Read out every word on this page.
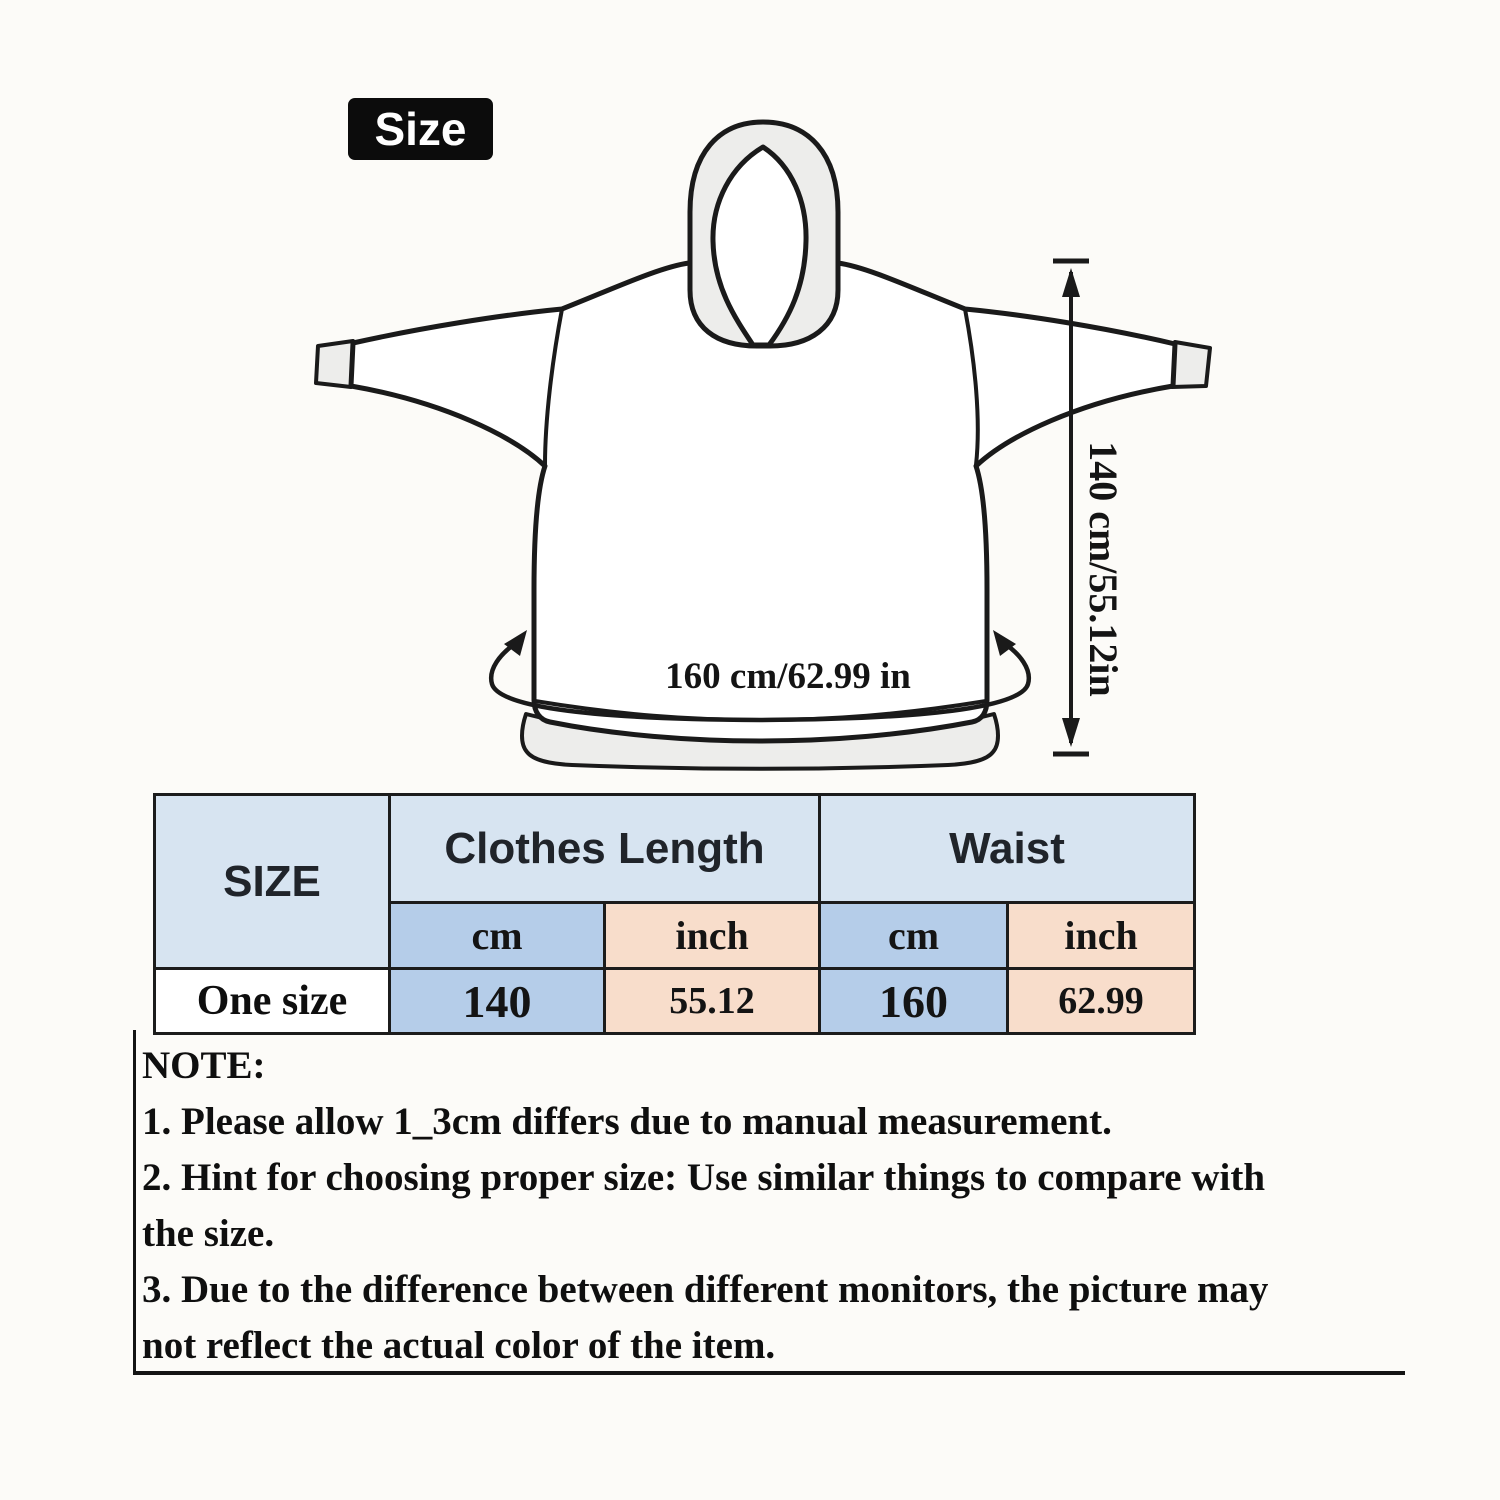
160 cm/62.99 in	140 cm/55.12in
Size
SIZE	Clothes Length		Waist	
	cm	inch	cm	inch
One size	140	55.12	160	62.99
NOTE:
1. Please allow 1_3cm differs due to manual measurement.
2. Hint for choosing proper size: Use similar things to compare with
the size.
3. Due to the difference between different monitors, the picture may
not reflect the actual color of the item.
